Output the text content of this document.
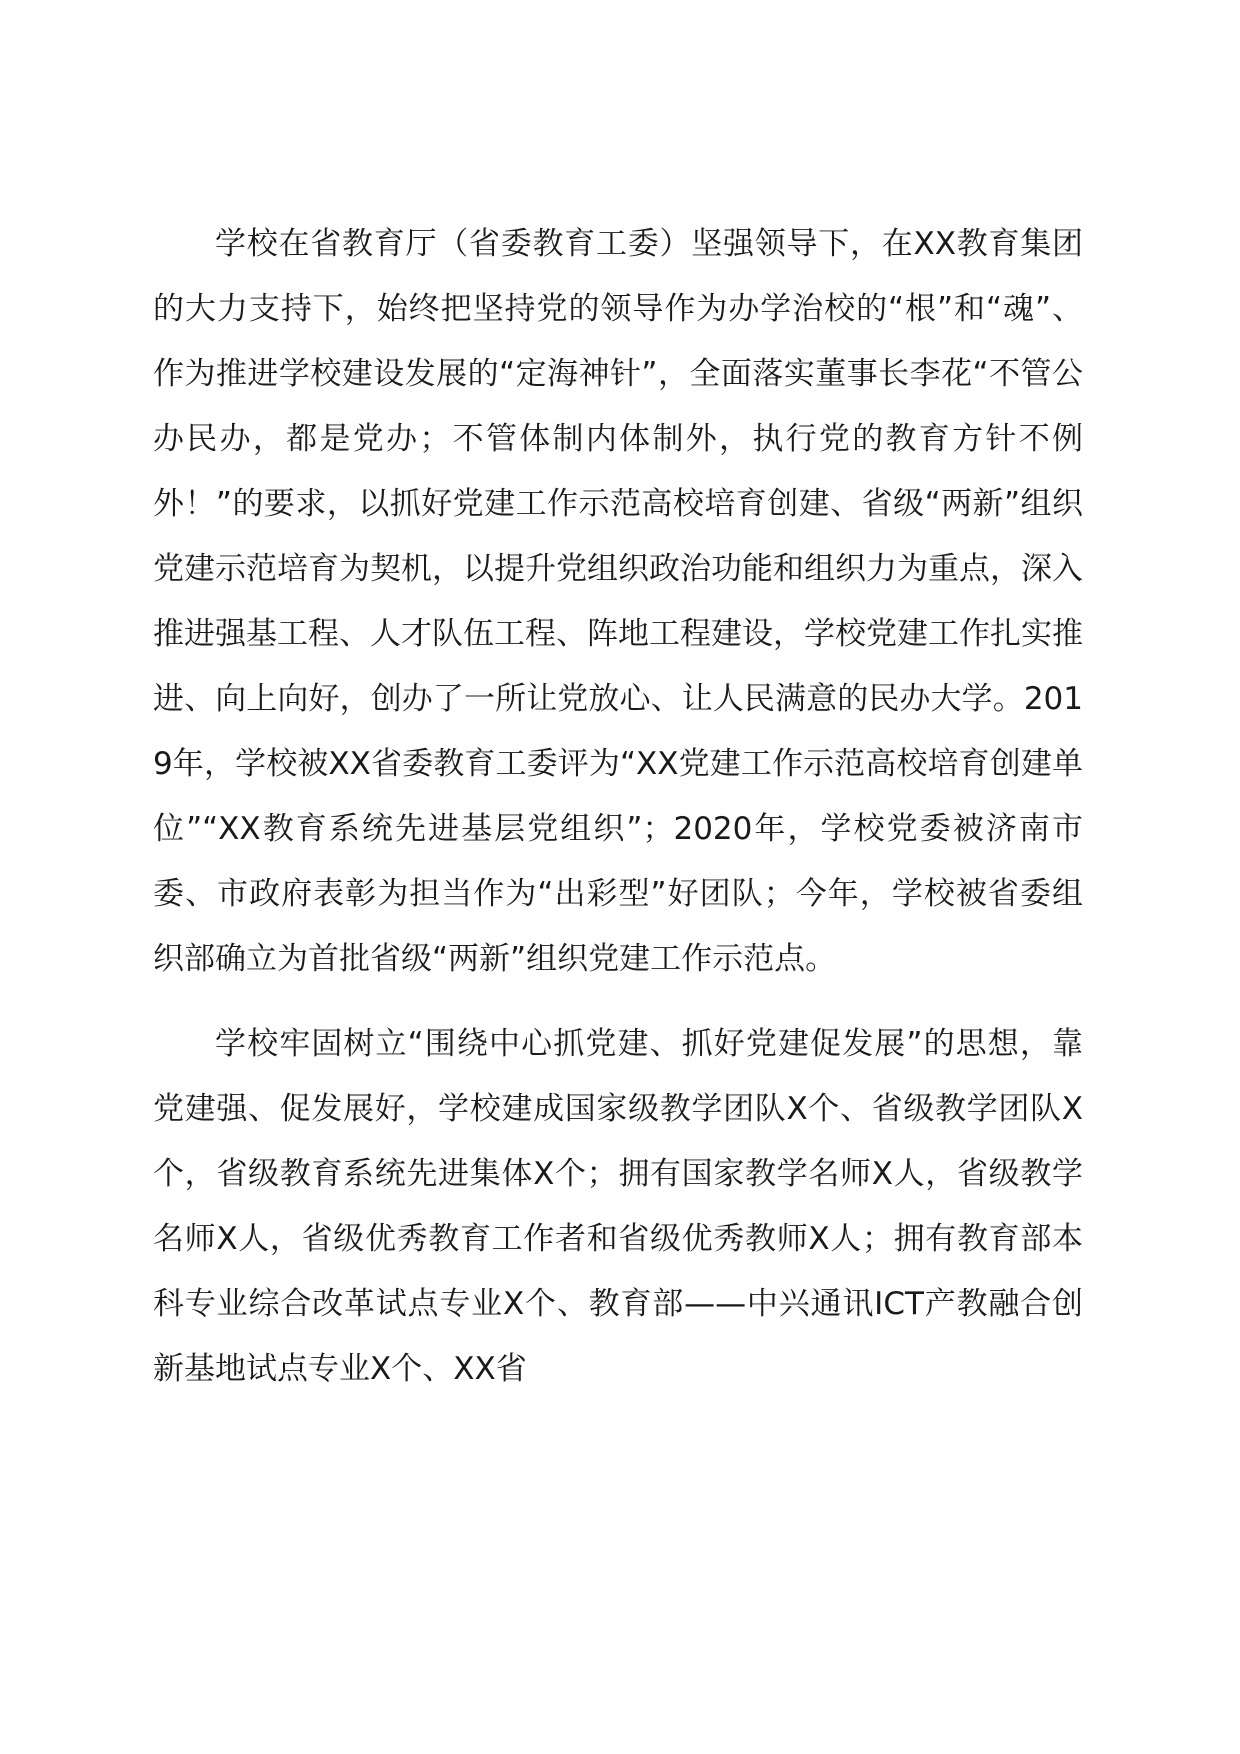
学校在省教育厅（省委教育工委）坚强领导下，在XX教育集团的大力支持下，始终把坚持党的领导作为办学治校的“根”和“魂”、作为推进学校建设发展的“定海神针”，全面落实董事长李花“不管公办民办，都是党办；不管体制内体制外，执行党的教育方针不例外！”的要求，以抓好党建工作示范高校培育创建、省级“两新”组织党建示范培育为契机，以提升党组织政治功能和组织力为重点，深入推进强基工程、人才队伍工程、阵地工程建设，学校党建工作扎实推进、向上向好，创办了一所让党放心、让人民满意的民办大学。2019年，学校被XX省委教育工委评为“XX党建工作示范高校培育创建单位”“XX教育系统先进基层党组织”；2020年，学校党委被济南市委、市政府表彰为担当作为“出彩型”好团队；今年，学校被省委组织部确立为首批省级“两新”组织党建工作示范点。

学校牢固树立“围绕中心抓党建、抓好党建促发展”的思想，靠党建强、促发展好，学校建成国家级教学团队X个、省级教学团队X个，省级教育系统先进集体X个；拥有国家教学名师X人，省级教学名师X人，省级优秀教育工作者和省级优秀教师X人；拥有教育部本科专业综合改革试点专业X个、教育部——中兴通讯ICT产教融合创新基地试点专业X个、XX省
